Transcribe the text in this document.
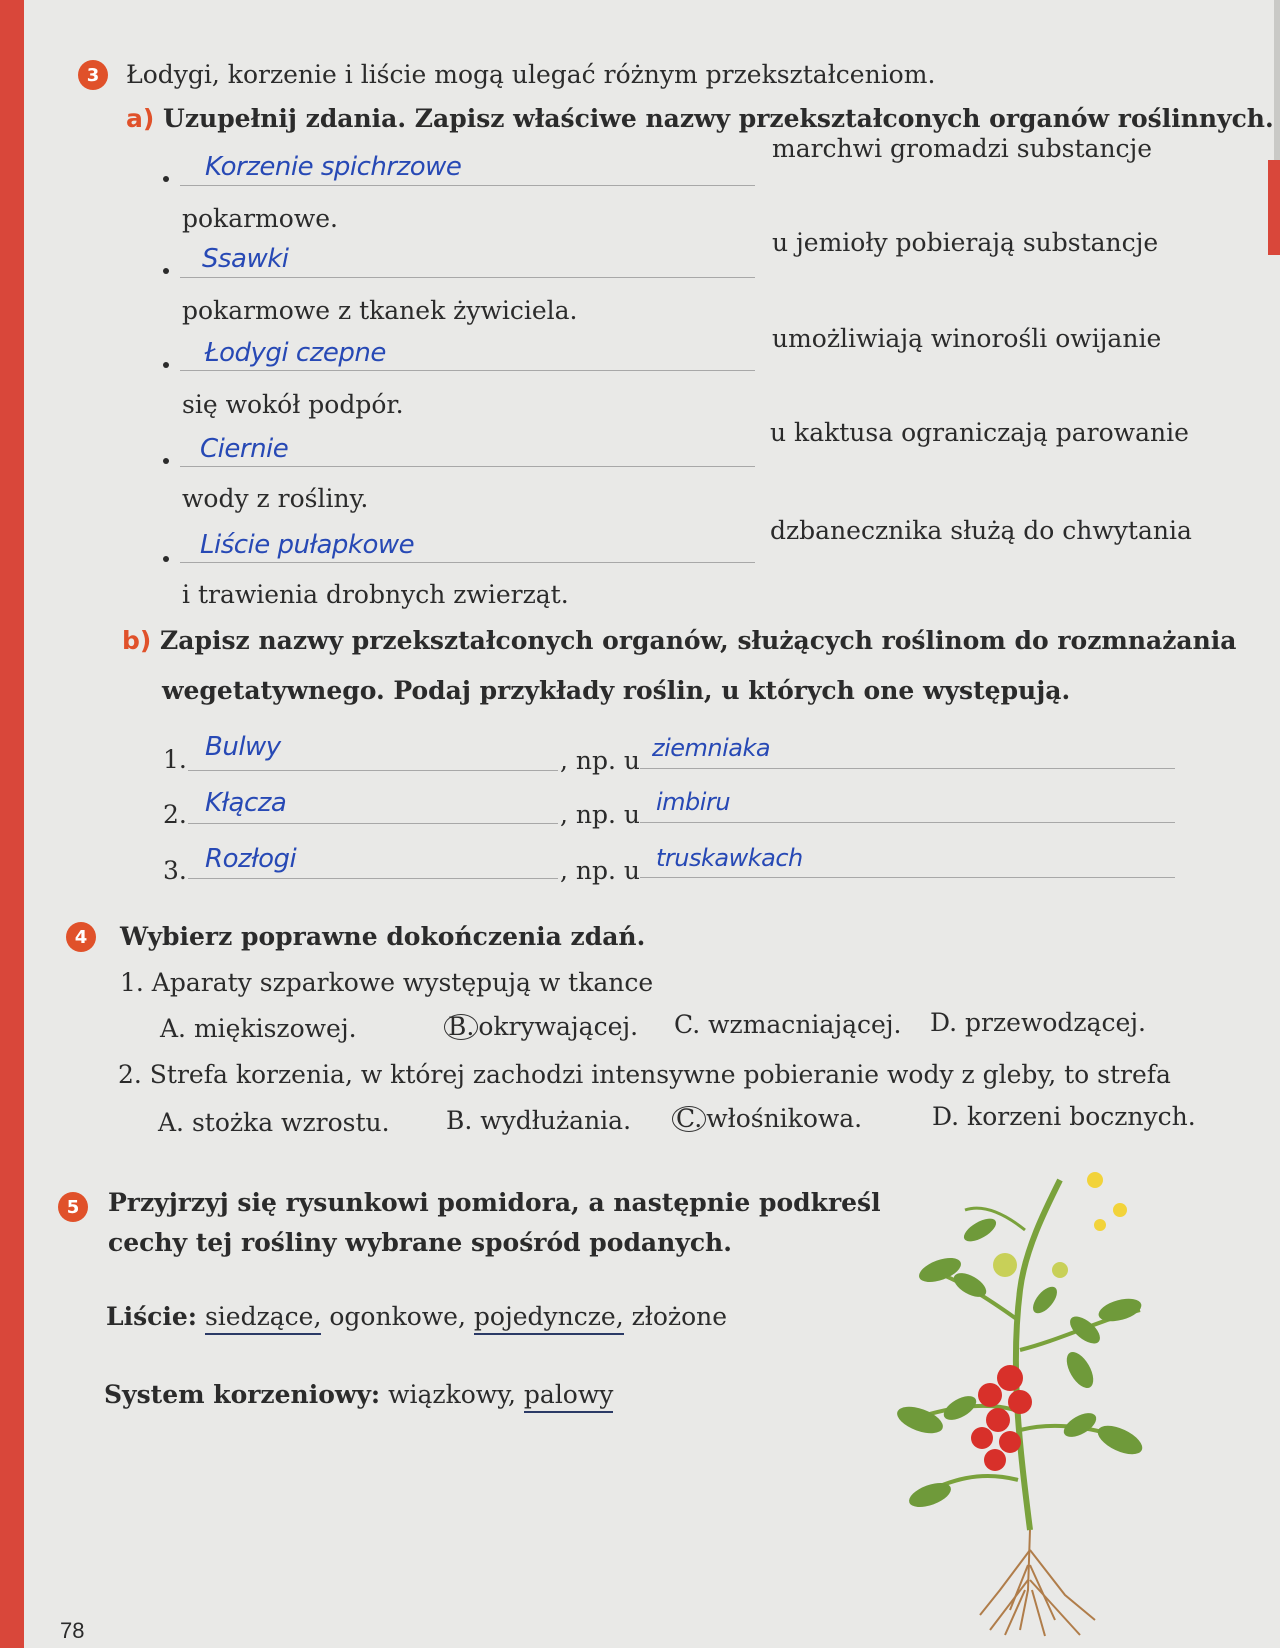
3	Łodygi, korzenie i liście mogą ulegać różnym przekształceniom.
a) Uzupełnij zdania. Zapisz właściwe nazwy przekształconych organów roślinnych.
Korzenie spichrzowe
marchwi gromadzi substancje
pokarmowe.
Ssawki
u jemioły pobierają substancje
pokarmowe z tkanek żywiciela.
Łodygi czepne	umożliwiają winorośli owijanie
się wokół podpór.
Ciernie
u kaktusa ograniczają parowanie
wody z rośliny.
Liście pułapkowe	dzbanecznika służą do chwytania
i trawienia drobnych zwierząt.
b) Zapisz nazwy przekształconych organów, służących roślinom do rozmnażania
wegetatywnego. Podaj przykłady roślin, u których one występują.
1. Bulwy	, np. u ziemniaka
2. Kłącza	, np. u imbiru
3. Rozłogi	, np. u truskawkach
4	Wybierz poprawne dokończenia zdań.
1. Aparaty szparkowe występują w tkance
A. miękiszowej.	B. okrywającej. C. wzmacniającej. D. przewodzącej.
2. Strefa korzenia, w której zachodzi intensywne pobieranie wody z gleby, to strefa
A. stożka wzrostu. B. wydłużania. C. włośnikowa.	D. korzeni bocznych.
5	Przyjrzyj się rysunkowi pomidora, a następnie podkreśl
cechy tej rośliny wybrane spośród podanych.
Liście: siedzące, ogonkowe, pojedyncze, złożone
System korzeniowy: wiązkowy, palowy
78
